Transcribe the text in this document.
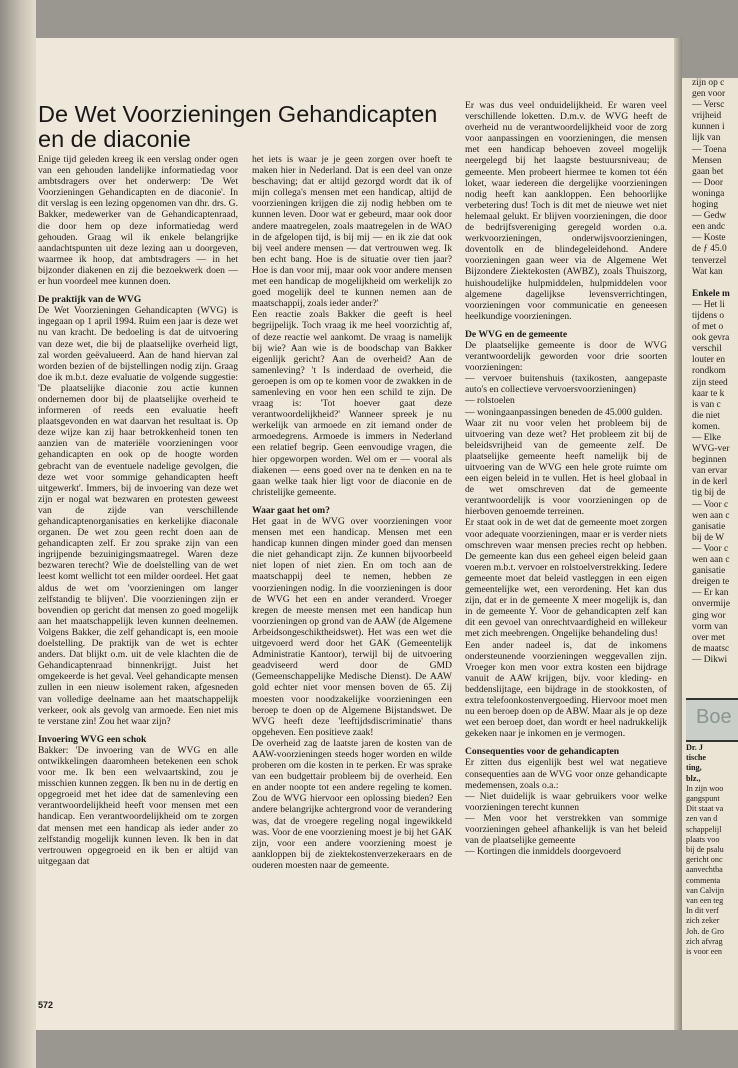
De Wet Voorzieningen Gehandicapten en de diaconie

Enige tijd geleden kreeg ik een verslag onder ogen van een gehouden landelijke informatiedag voor ambtsdragers over het onderwerp: 'De Wet Voorzieningen Gehandicapten en de diaconie'. In dit verslag is een lezing opgenomen van dhr. drs. G. Bakker, medewerker van de Gehandicaptenraad, die door hem op deze informatiedag werd gehouden. Graag wil ik enkele belangrijke aandachtspunten uit deze lezing aan u doorgeven, waarmee ik hoop, dat ambtsdragers — in het bijzonder diakenen en zij die bezoekwerk doen — er hun voordeel mee kunnen doen.

De praktijk van de WVG

De Wet Voorzieningen Gehandicapten (WVG) is ingegaan op 1 april 1994. Ruim een jaar is deze wet nu van kracht. De bedoeling is dat de uitvoering van deze wet, die bij de plaatselijke overheid ligt, zal worden geëvalueerd. Aan de hand hiervan zal worden bezien of de bijstellingen nodig zijn. Graag doe ik m.b.t. deze evaluatie de volgende suggestie: 'De plaatselijke diaconie zou actie kunnen ondernemen door bij de plaatselijke overheid te informeren of reeds een evaluatie heeft plaatsgevonden en wat daarvan het resultaat is. Op deze wijze kan zij haar betrokkenheid tonen ten aanzien van de materiële voorzieningen voor gehandicapten en ook op de hoogte worden gebracht van de eventuele nadelige gevolgen, die deze wet voor sommige gehandicapten heeft uitgewerkt'. Immers, bij de invoering van deze wet zijn er nogal wat bezwaren en protesten geweest van de zijde van verschillende gehandicaptenorganisaties en kerkelijke diaconale organen. De wet zou geen recht doen aan de gehandicapten zelf. Er zou sprake zijn van een ingrijpende bezuinigingsmaatregel. Waren deze bezwaren terecht? Wie de doelstelling van de wet leest komt wellicht tot een milder oordeel. Het gaat aldus de wet om 'voorzieningen om langer zelfstandig te blijven'. Die voorzieningen zijn er bovendien op gericht dat mensen zo goed mogelijk aan het maatschappelijk leven kunnen deelnemen. Volgens Bakker, die zelf gehandicapt is, een mooie doelstelling. De praktijk van de wet is echter anders. Dat blijkt o.m. uit de vele klachten die de Gehandicaptenraad binnenkrijgt. Juist het omgekeerde is het geval. Veel gehandicapte mensen zullen in een nieuw isolement raken, afgesneden van volledige deelname aan het maatschappelijk verkeer, ook als gevolg van armoede. Een niet mis te verstane zin! Zou het waar zijn?

Invoering WVG een schok

Bakker: 'De invoering van de WVG en alle ontwikkelingen daaromheen betekenen een schok voor me. Ik ben een welvaartskind, zou je misschien kunnen zeggen. Ik ben nu in de dertig en opgegroeid met het idee dat de samenleving een verantwoordelijkheid heeft voor mensen met een handicap. Een verantwoordelijkheid om te zorgen dat mensen met een handicap als ieder ander zo zelfstandig mogelijk kunnen leven. Ik ben in dat vertrouwen opgegroeid en ik ben er altijd van uitgegaan dat

het iets is waar je je geen zorgen over hoeft te maken hier in Nederland. Dat is een deel van onze beschaving; dat er altijd gezorgd wordt dat ik of mijn collega's mensen met een handicap, altijd de voorzieningen krijgen die zij nodig hebben om te kunnen leven. Door wat er gebeurd, maar ook door andere maatregelen, zoals maatregelen in de WAO in de afgelopen tijd, is bij mij — en ik zie dat ook bij veel andere mensen — dat vertrouwen weg. Ik ben echt bang. Hoe is de situatie over tien jaar? Hoe is dan voor mij, maar ook voor andere mensen met een handicap de mogelijkheid om werkelijk zo goed mogelijk deel te kunnen nemen aan de maatschappij, zoals ieder ander?'

Een reactie zoals Bakker die geeft is heel begrijpelijk. Toch vraag ik me heel voorzichtig af, of deze reactie wel aankomt. De vraag is namelijk bij wie? Aan wie is de boodschap van Bakker eigenlijk gericht? Aan de overheid? Aan de samenleving? 't Is inderdaad de overheid, die geroepen is om op te komen voor de zwakken in de samenleving en voor hen een schild te zijn. De vraag is: 'Tot hoever gaat deze verantwoordelijkheid?' Wanneer spreek je nu werkelijk van armoede en zit iemand onder de armoedegrens. Armoede is immers in Nederland een relatief begrip. Geen eenvoudige vragen, die hier opgeworpen worden. Wel om er — vooral als diakenen — eens goed over na te denken en na te gaan welke taak hier ligt voor de diaconie en de christelijke gemeente.

Waar gaat het om?

Het gaat in de WVG over voorzieningen voor mensen met een handicap. Mensen met een handicap kunnen dingen minder goed dan mensen die niet gehandicapt zijn. Ze kunnen bijvoorbeeld niet lopen of niet zien. En om toch aan de maatschappij deel te nemen, hebben ze voorzieningen nodig. In die voorzieningen is door de WVG het een en ander veranderd. Vroeger kregen de meeste mensen met een handicap hun voorzieningen op grond van de AAW (de Algemene Arbeidsongeschiktheidswet). Het was een wet die uitgevoerd werd door het GAK (Gemeentelijk Administratie Kantoor), terwijl bij de uitvoering geadviseerd werd door de GMD (Gemeenschappelijke Medische Dienst). De AAW gold echter niet voor mensen boven de 65. Zij moesten voor noodzakelijke voorzieningen een beroep te doen op de Algemene Bijstandswet. De WVG heeft deze 'leeftijdsdiscriminatie' thans opgeheven. Een positieve zaak!

De overheid zag de laatste jaren de kosten van de AAW-voorzieningen steeds hoger worden en wilde proberen om die kosten in te perken. Er was sprake van een budgettair probleem bij de overheid. Een en ander noopte tot een andere regeling te komen. Zou de WVG hiervoor een oplossing bieden? Een andere belangrijke achtergrond voor de verandering was, dat de vroegere regeling nogal ingewikkeld was. Voor de ene voorziening moest je bij het GAK zijn, voor een andere voorziening moest je aankloppen bij de ziektekostenverzekeraars en de ouderen moesten naar de gemeente.

Er was dus veel onduidelijkheid. Er waren veel verschillende loketten. D.m.v. de WVG heeft de overheid nu de verantwoordelijkheid voor de zorg voor aanpassingen en voorzieningen, die mensen met een handicap behoeven zoveel mogelijk neergelegd bij het laagste bestuursniveau; de gemeente. Men probeert hiermee te komen tot één loket, waar iedereen die dergelijke voorzieningen nodig heeft kan aankloppen. Een behoorlijke verbetering dus! Toch is dit met de nieuwe wet niet helemaal gelukt. Er blijven voorzieningen, die door de bedrijfsvereniging geregeld worden o.a. werkvoorzieningen, onderwijsvoorzieningen, doventolk en de blindegeleidehond. Andere voorzieningen gaan weer via de Algemene Wet Bijzondere Ziektekosten (AWBZ), zoals Thuiszorg, huishoudelijke hulpmiddelen, hulpmiddelen voor algemene dagelijkse levensverrichtingen, voorzieningen voor communicatie en geneesen heelkundige voorzieningen.

De WVG en de gemeente

De plaatselijke gemeente is door de WVG verantwoordelijk geworden voor drie soorten voorzieningen:

— vervoer buitenshuis (taxikosten, aangepaste auto's en collectieve vervoersvoorzieningen)

— rolstoelen

— woningaanpassingen beneden de 45.000 gulden.

Waar zit nu voor velen het probleem bij de uitvoering van deze wet? Het probleem zit bij de beleidsvrijheid van de gemeente zelf. De plaatselijke gemeente heeft namelijk bij de uitvoering van de WVG een hele grote ruimte om een eigen beleid in te vullen. Het is heel globaal in de wet omschreven dat de gemeente verantwoordelijk is voor voorzieningen op de hierboven genoemde terreinen.

Er staat ook in de wet dat de gemeente moet zorgen voor adequate voorzieningen, maar er is verder niets omschreven waar mensen precies recht op hebben. De gemeente kan dus een geheel eigen beleid gaan voeren m.b.t. vervoer en rolstoelverstrekking. Iedere gemeente moet dat beleid vastleggen in een eigen gemeentelijke wet, een verordening. Het kan dus zijn, dat er in de gemeente X meer mogelijk is, dan in de gemeente Y. Voor de gehandicapten zelf kan dit een gevoel van onrechtvaardigheid en willekeur met zich meebrengen. Ongelijke behandeling dus!

Een ander nadeel is, dat de inkomens ondersteunende voorzieningen weggevallen zijn. Vroeger kon men voor extra kosten een bijdrage vanuit de AAW krijgen, bijv. voor kleding- en beddenslijtage, een bijdrage in de stookkosten, of extra telefoonkostenvergoeding. Hiervoor moet men nu een beroep doen op de ABW. Maar als je op deze wet een beroep doet, dan wordt er heel nadrukkelijk gekeken naar je inkomen en je vermogen.

Consequenties voor de gehandicapten

Er zitten dus eigenlijk best wel wat negatieve consequenties aan de WVG voor onze gehandicapte medemensen, zoals o.a.:

— Niet duidelijk is waar gebruikers voor welke voorzieningen terecht kunnen

— Men voor het verstrekken van sommige voorzieningen geheel afhankelijk is van het beleid van de plaatselijke gemeente

— Kortingen die inmiddels doorgevoerd

572

zijn op c

gen voor

— Versc

vrijheid

kunnen i

lijk van

— Toena

Mensen

gaan bet

— Door

woninga

hoging

— Gedw

een andc

— Koste

de ƒ 45.0

tenverzel

Wat kan

Enkele m

— Het li

tijdens o

of met o

ook gevra

verschil

louter en

rondkom

zijn steed

kaar te k

is van c

die niet

komen.

— Elke

WVG-ver

beginnen

van ervar

in de kerl

tig bij de

— Voor c

wen aan c

ganisatie

bij de W

— Voor c

wen aan c

ganisatie

dreigen te

— Er kan

onvermije

ging wor

vorm van

over met

de maatsc

— Dikwi

Boe

Dr. J

tische

ting,

blz.,

In zijn woo

gangspunt

Dit staat va

zen van d

schappelijl

plaats voo

bij de psalu

gericht onc

aanvechtba

commenta

van Calvijn

van een teg

In dit verf

zich zeker

Joh. de Gro

zich afvrag

is voor een
